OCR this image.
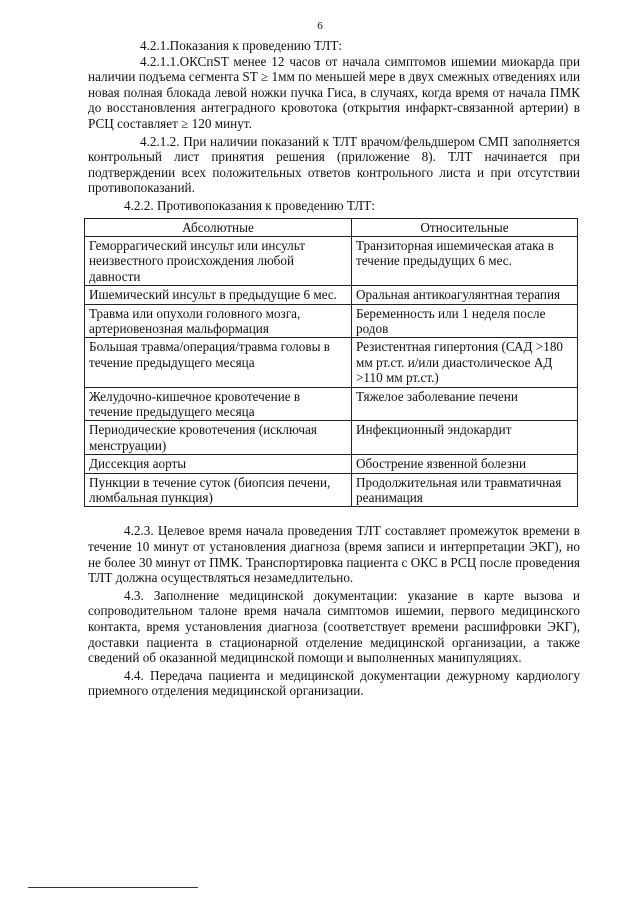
6

4.2.1.Показания к проведению ТЛТ:

4.2.1.1.ОКСпST менее 12 часов от начала симптомов ишемии миокарда при наличии подъема сегмента ST ≥ 1мм по меньшей мере в двух смежных отведениях или новая полная блокада левой ножки пучка Гиса, в случаях, когда время от начала ПМК до восстановления антеградного кровотока (открытия инфаркт-связанной артерии) в РСЦ составляет ≥ 120 минут.

4.2.1.2. При наличии показаний к ТЛТ врачом/фельдшером СМП заполняется контрольный лист принятия решения (приложение 8). ТЛТ начинается при подтверждении всех положительных ответов контрольного листа и при отсутствии противопоказаний.

4.2.2. Противопоказания к проведению ТЛТ:

Абсолютные	Относительные
Геморрагический инсульт или инсульт неизвестного происхождения любой давности	Транзиторная ишемическая атака в течение предыдущих 6 мес.
Ишемический инсульт в предыдущие 6 мес.	Оральная антикоагулянтная терапия
Травма или опухоли головного мозга, артериовенозная мальформация	Беременность или 1 неделя после родов
Большая травма/операция/травма головы в течение предыдущего месяца	Резистентная гипертония (САД >180 мм рт.ст. и/или диастолическое АД >110 мм рт.ст.)
Желудочно-кишечное кровотечение в течение предыдущего месяца	Тяжелое заболевание печени
Периодические кровотечения (исключая менструации)	Инфекционный эндокардит
Диссекция аорты	Обострение язвенной болезни
Пункции в течение суток (биопсия печени, люмбальная пункция)	Продолжительная или травматичная реанимация

4.2.3. Целевое время начала проведения ТЛТ составляет промежуток времени в течение 10 минут от установления диагноза (время записи и интерпретации ЭКГ), но не более 30 минут от ПМК. Транспортировка пациента с ОКС в РСЦ после проведения ТЛТ должна осуществляться незамедлительно.

4.3. Заполнение медицинской документации: указание в карте вызова и сопроводительном талоне время начала симптомов ишемии, первого медицинского контакта, время установления диагноза (соответствует времени расшифровки ЭКГ), доставки пациента в стационарной отделение медицинской организации, а также сведений об оказанной медицинской помощи и выполненных манипуляциях.

4.4. Передача пациента и медицинской документации дежурному кардиологу приемного отделения медицинской организации.
